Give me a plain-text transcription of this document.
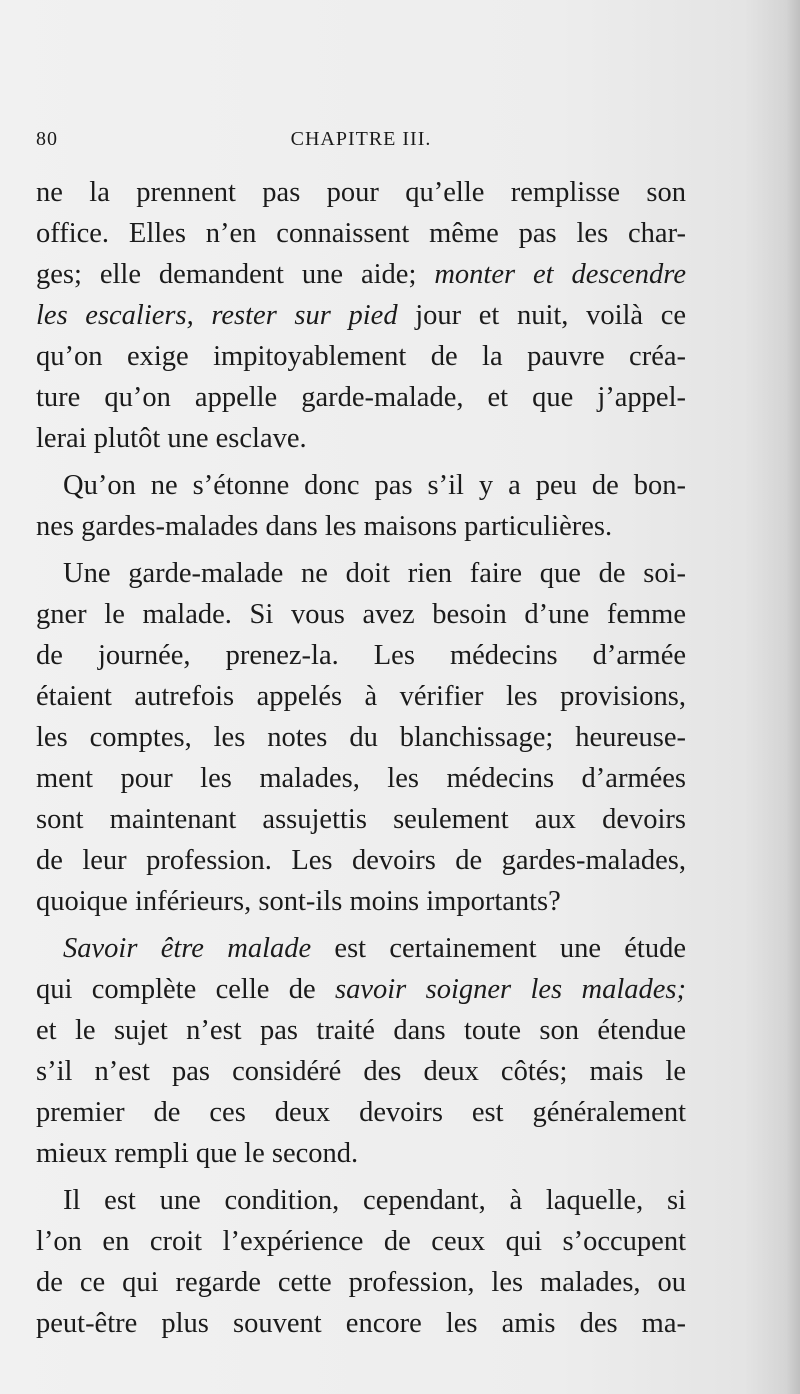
80	CHAPITRE III.
ne la prennent pas pour qu’elle remplisse son
office. Elles n’en connaissent même pas les char-
ges; elle demandent une aide; monter et descendre
les escaliers, rester sur pied jour et nuit, voilà ce
qu’on exige impitoyablement de la pauvre créa-
ture qu’on appelle garde-malade, et que j’appel-
lerai plutôt une esclave.
Qu’on ne s’étonne donc pas s’il y a peu de bon-
nes gardes-malades dans les maisons particulières.
Une garde-malade ne doit rien faire que de soi-
gner le malade. Si vous avez besoin d’une femme
de journée, prenez-la. Les médecins d’armée
étaient autrefois appelés à vérifier les provisions,
les comptes, les notes du blanchissage; heureuse-
ment pour les malades, les médecins d’armées
sont maintenant assujettis seulement aux devoirs
de leur profession. Les devoirs de gardes-malades,
quoique inférieurs, sont-ils moins importants?
Savoir être malade est certainement une étude
qui complète celle de savoir soigner les malades;
et le sujet n’est pas traité dans toute son étendue
s’il n’est pas considéré des deux côtés; mais le
premier de ces deux devoirs est généralement
mieux rempli que le second.
Il est une condition, cependant, à laquelle, si
l’on en croit l’expérience de ceux qui s’occupent
de ce qui regarde cette profession, les malades, ou
peut-être plus souvent encore les amis des ma-
